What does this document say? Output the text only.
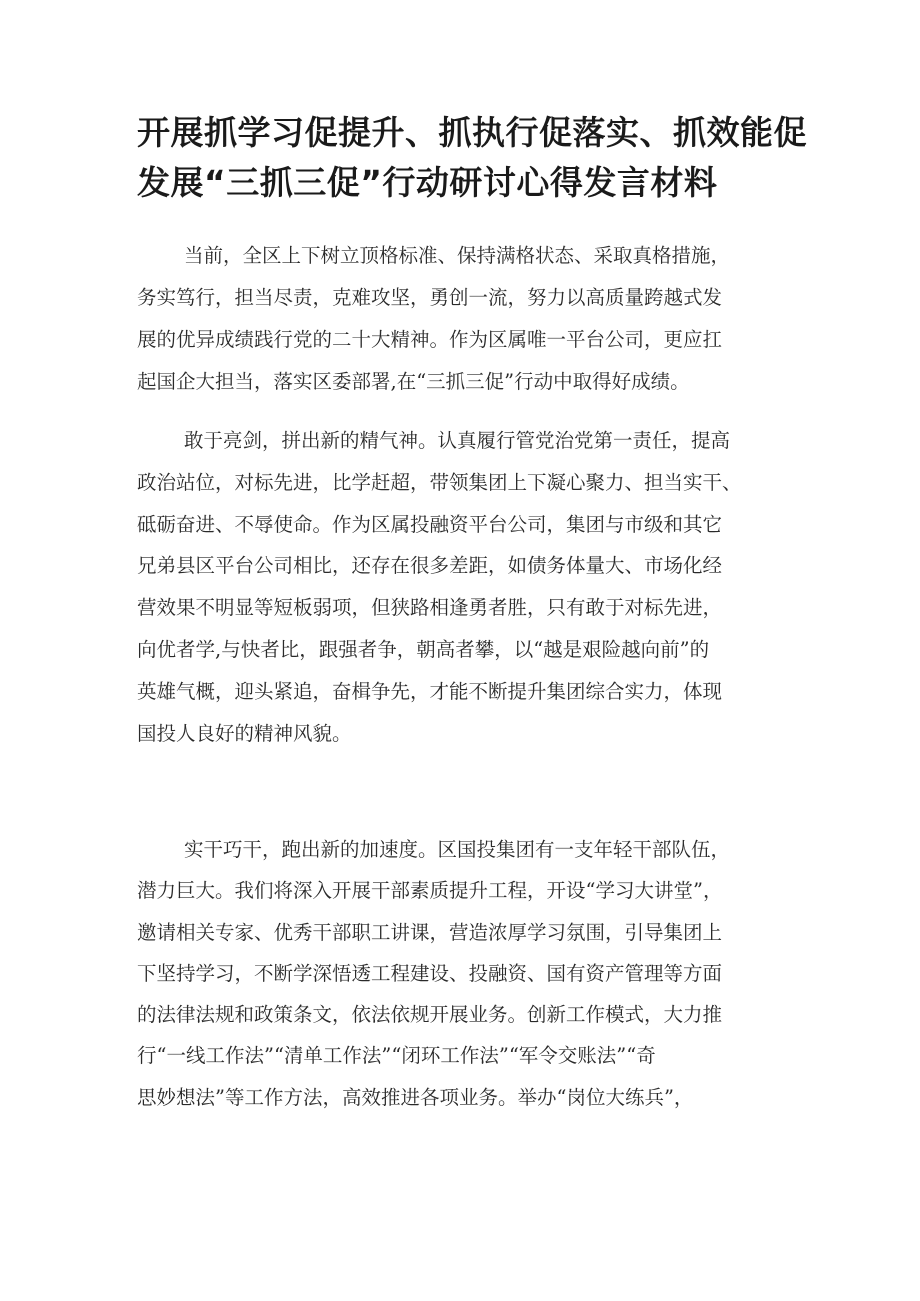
开展抓学习促提升、抓执行促落实、抓效能促
发展“三抓三促”行动研讨心得发言材料
当前，全区上下树立顶格标准、保持满格状态、采取真格措施，
务实笃行，担当尽责，克难攻坚，勇创一流，努力以高质量跨越式发
展的优异成绩践行党的二十大精神。作为区属唯一平台公司，更应扛
起国企大担当，落实区委部署,在“三抓三促”行动中取得好成绩。
敢于亮剑，拼出新的精气神。认真履行管党治党第一责任，提高
政治站位，对标先进，比学赶超，带领集团上下凝心聚力、担当实干、
砥砺奋进、不辱使命。作为区属投融资平台公司，集团与市级和其它
兄弟县区平台公司相比，还存在很多差距，如债务体量大、市场化经
营效果不明显等短板弱项，但狭路相逢勇者胜，只有敢于对标先进，
向优者学,与快者比，跟强者争，朝高者攀，以“越是艰险越向前”的
英雄气概，迎头紧追，奋楫争先，才能不断提升集团综合实力，体现
国投人良好的精神风貌。
实干巧干，跑出新的加速度。区国投集团有一支年轻干部队伍，
潜力巨大。我们将深入开展干部素质提升工程，开设“学习大讲堂”，
邀请相关专家、优秀干部职工讲课，营造浓厚学习氛围，引导集团上
下坚持学习，不断学深悟透工程建设、投融资、国有资产管理等方面
的法律法规和政策条文，依法依规开展业务。创新工作模式，大力推
行“一线工作法”“清单工作法”“闭环工作法”“军令交账法”“奇
思妙想法”等工作方法，高效推进各项业务。举办“岗位大练兵”，
